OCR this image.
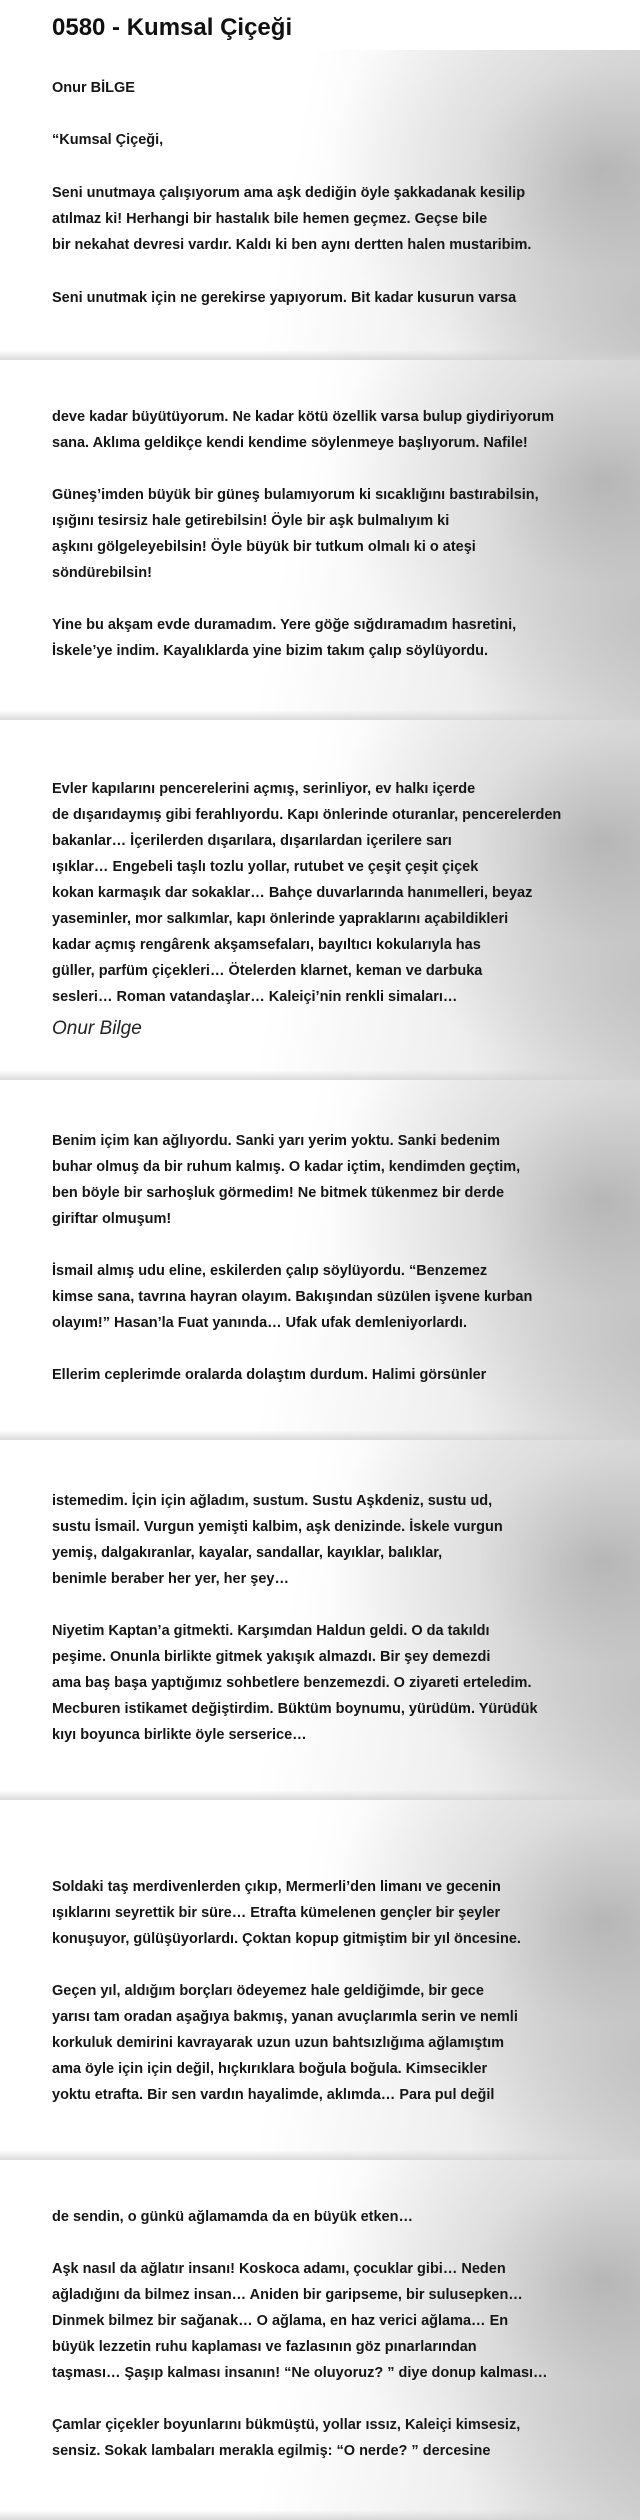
0580 - Kumsal Çiçeği

Onur BİLGE

“Kumsal Çiçeği,

Seni unutmaya çalışıyorum ama aşk dediğin öyle şakkadanak kesilip
atılmaz ki! Herhangi bir hastalık bile hemen geçmez. Geçse bile
bir nekahat devresi vardır. Kaldı ki ben aynı dertten halen mustaribim.

Seni unutmak için ne gerekirse yapıyorum. Bit kadar kusurun varsa

deve kadar büyütüyorum. Ne kadar kötü özellik varsa bulup giydiriyorum
sana. Aklıma geldikçe kendi kendime söylenmeye başlıyorum. Nafile!

Güneş’imden büyük bir güneş bulamıyorum ki sıcaklığını bastırabilsin,
ışığını tesirsiz hale getirebilsin! Öyle bir aşk bulmalıyım ki
aşkını gölgeleyebilsin! Öyle büyük bir tutkum olmalı ki o ateşi
söndürebilsin!

Yine bu akşam evde duramadım. Yere göğe sığdıramadım hasretini,
İskele’ye indim. Kayalıklarda yine bizim takım çalıp söylüyordu.

Evler kapılarını pencerelerini açmış, serinliyor, ev halkı içerde
de dışarıdaymış gibi ferahlıyordu. Kapı önlerinde oturanlar, pencerelerden
bakanlar… İçerilerden dışarılara, dışarılardan içerilere sarı
ışıklar… Engebeli taşlı tozlu yollar, rutubet ve çeşit çeşit çiçek
kokan karmaşık dar sokaklar… Bahçe duvarlarında hanımelleri, beyaz
yaseminler, mor salkımlar, kapı önlerinde yapraklarını açabildikleri
kadar açmış rengârenk akşamsefaları, bayıltıcı kokularıyla has
güller, parfüm çiçekleri… Ötelerden klarnet, keman ve darbuka
sesleri… Roman vatandaşlar… Kaleiçi’nin renkli simaları…

Onur Bilge

Benim içim kan ağlıyordu. Sanki yarı yerim yoktu. Sanki bedenim
buhar olmuş da bir ruhum kalmış. O kadar içtim, kendimden geçtim,
ben böyle bir sarhoşluk görmedim! Ne bitmek tükenmez bir derde
giriftar olmuşum!

İsmail almış udu eline, eskilerden çalıp söylüyordu. “Benzemez
kimse sana, tavrına hayran olayım. Bakışından süzülen işvene kurban
olayım!” Hasan’la Fuat yanında… Ufak ufak demleniyorlardı.

Ellerim ceplerimde oralarda dolaştım durdum. Halimi görsünler

istemedim. İçin için ağladım, sustum. Sustu Aşkdeniz, sustu ud,
sustu İsmail. Vurgun yemişti kalbim, aşk denizinde. İskele vurgun
yemiş, dalgakıranlar, kayalar, sandallar, kayıklar, balıklar,
benimle beraber her yer, her şey…

Niyetim Kaptan’a gitmekti. Karşımdan Haldun geldi. O da takıldı
peşime. Onunla birlikte gitmek yakışık almazdı. Bir şey demezdi
ama baş başa yaptığımız sohbetlere benzemezdi. O ziyareti erteledim.
Mecburen istikamet değiştirdim. Büktüm boynumu, yürüdüm. Yürüdük
kıyı boyunca birlikte öyle serserice…

Soldaki taş merdivenlerden çıkıp, Mermerli’den limanı ve gecenin
ışıklarını seyrettik bir süre… Etrafta kümelenen gençler bir şeyler
konuşuyor, gülüşüyorlardı. Çoktan kopup gitmiştim bir yıl öncesine.

Geçen yıl, aldığım borçları ödeyemez hale geldiğimde, bir gece
yarısı tam oradan aşağıya bakmış, yanan avuçlarımla serin ve nemli
korkuluk demirini kavrayarak uzun uzun bahtsızlığıma ağlamıştım
ama öyle için için değil, hıçkırıklara boğula boğula. Kimsecikler
yoktu etrafta. Bir sen vardın hayalimde, aklımda… Para pul değil

de sendin, o günkü ağlamamda da en büyük etken…

Aşk nasıl da ağlatır insanı! Koskoca adamı, çocuklar gibi… Neden
ağladığını da bilmez insan… Aniden bir garipseme, bir sulusepken…
Dinmek bilmez bir sağanak… O ağlama, en haz verici ağlama… En
büyük lezzetin ruhu kaplaması ve fazlasının göz pınarlarından
taşması… Şaşıp kalması insanın! “Ne oluyoruz? ” diye donup kalması…

Çamlar çiçekler boyunlarını bükmüştü, yollar ıssız, Kaleiçi kimsesiz,
sensiz. Sokak lambaları merakla egilmiş: “O nerde? ” dercesine
